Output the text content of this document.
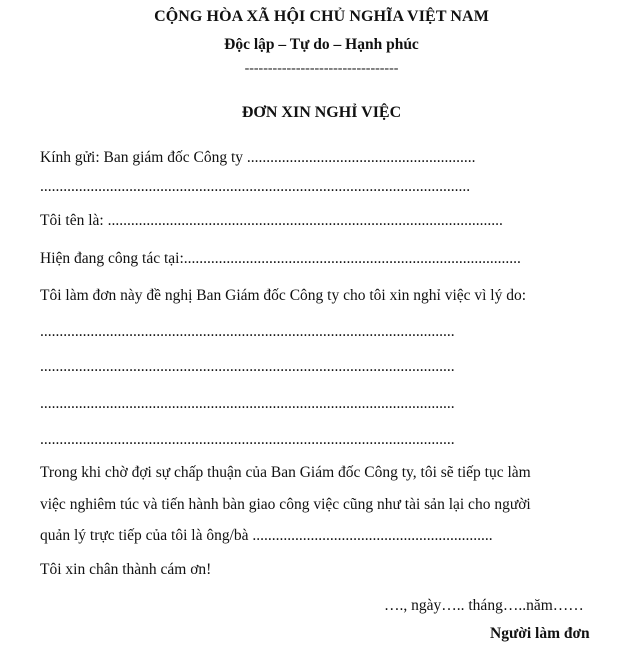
CỘNG HÒA XÃ HỘI CHỦ NGHĨA VIỆT NAM
Độc lập – Tự do – Hạnh phúc
---------------------------------
ĐƠN XIN NGHỈ VIỆC
Kính gửi: Ban giám đốc Công ty ...........................................................
...............................................................................................................
Tôi tên là: ......................................................................................................
Hiện đang công tác tại:.......................................................................................
Tôi làm đơn này đề nghị Ban Giám đốc Công ty cho tôi xin nghỉ việc vì lý do:
...........................................................................................................
...........................................................................................................
...........................................................................................................
...........................................................................................................
Trong khi chờ đợi sự chấp thuận của Ban Giám đốc Công ty, tôi sẽ tiếp tục làm
việc nghiêm túc và tiến hành bàn giao công việc cũng như tài sản lại cho người
quản lý trực tiếp của tôi là ông/bà ..............................................................
Tôi xin chân thành cám ơn!
…., ngày….. tháng…..năm……
Người làm đơn
